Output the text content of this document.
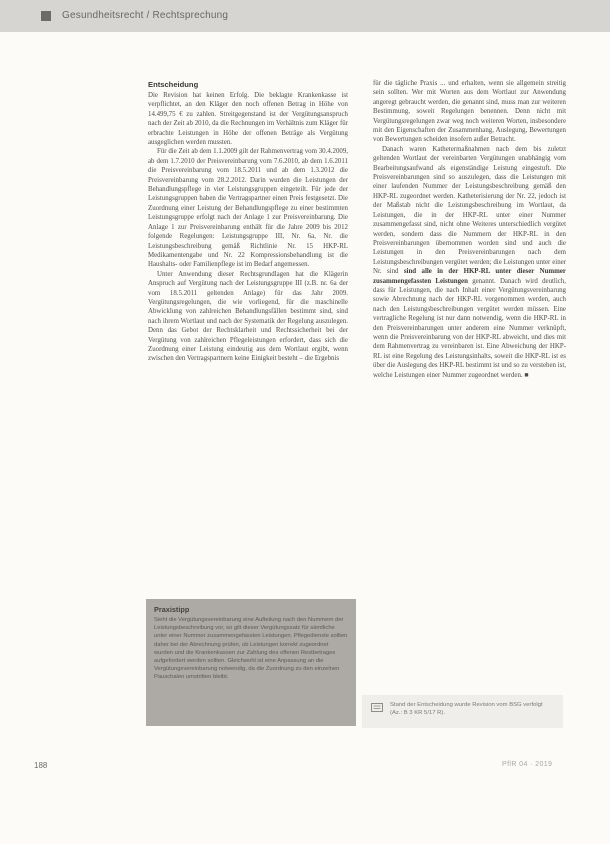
Gesundheitsrecht / Rechtsprechung
Entscheidung

Die Revision hat keinen Erfolg. Die beklagte Krankenkasse ist verpflichtet, an den Kläger den noch offenen Betrag in Höhe von 14.499,75 € zu zahlen. Streitgegenstand ist der Vergütungsanspruch nach der Zeit ab 2010, da die Rechnungen im Verhältnis zum Kläger für erbrachte Leistungen in Höhe der offenen Beträge als Vergütung ausgeglichen werden mussten.

Für die Zeit ab dem 1.1.2009 gilt der Rahmenvertrag vom 30.4.2009, ab dem 1.7.2010 der Preisvereinbarung vom 7.6.2010, ab dem 1.6.2011 die Preisvereinbarung vom 18.5.2011 und ab dem 1.3.2012 die Preisvereinbarung vom 28.2.2012. Darin wurden die Leistungen der Behandlungspflege in vier Leistungsgruppen eingeteilt. Für jede der Leistungsgruppen haben die Vertragspartner einen Preis festgesetzt. Die Zuordnung einer Leistung der Behandlungspflege zu einer bestimmten Leistungsgruppe erfolgt nach der Anlage 1 zur Preisvereinbarung. Die Anlage 1 zur Preisvereinbarung enthält für die Jahre 2009 bis 2012 folgende Regelungen: Leistungsgruppe III, Nr. 6a, Nr. die Leistungsbeschreibung gemäß Richtlinie Nr. 15 HKP-RL Medikamentengabe und Nr. 22 Kompressionsbehandlung ist die Haushalts- oder Familienpflege ist im Bedarf angemessen.

Unter Anwendung dieser Rechtsgrundlagen hat die Klägerin Anspruch auf Vergütung nach der Leistungsgruppe III (z.B. nr. 6a der vom 18.5.2011 geltenden Anlage) für das Jahr 2009. Vergütungsregelungen, die wie vorliegend, für die maschinelle Abwicklung von zahlreichen Behandlungsfällen bestimmt sind, sind nach ihrem Wortlaut und nach der Systematik der Regelung auszulegen. Denn das Gebot der Rechtsklarheit und Rechtssicherheit bei der Vergütung von zahlreichen Pflegeleistungen erfordert, dass sich die Zuordnung einer Leistung eindeutig aus dem Wortlaut ergibt, wenn zwischen den Vertragspartnern keine Einigkeit besteht – die Ergebnis

für die tägliche Praxis ... und erhalten, wenn sie allgemein streitig sein sollten. Wer mit Worten aus dem Wortlaut zur Anwendung angeregt gebraucht werden, die genannt sind, muss man zur weiteren Bestimmung, soweit Regelungen benennen. Denn nicht mit Vergütungsregelungen zwar weg noch weiteren Worten, insbesondere mit den Eigenschaften der Zusammenhang, Auslegung, Bewertungen von Bewertungen scheiden insofern außer Betracht.

Danach waren Kathetermaßnahmen nach dem bis zuletzt geltenden Wortlaut der vereinbarten Vergütungen unabhängig vom Bearbeitungsaufwand als eigenständige Leistung eingestuft. Die Preisvereinbarungen sind so auszulegen, dass die Leistungen mit einer laufenden Nummer der Leistungsbeschreibung gemäß den HKP-RL zugeordnet werden. Katheterisierung der Nr. 22, jedoch ist der Maßstab nicht die Leistungsbeschreibung im Wortlaut, da Leistungen, die in der HKP-RL unter einer Nummer zusammengefasst sind, nicht ohne Weiteres unterschiedlich vergütet werden, sondern dass die Nummern der HKP-RL in den Preisvereinbarungen übernommen worden sind und auch die Leistungen in den Preisvereinbarungen nach dem Leistungsbeschreibungen vergütet werden; die Leistungen unter einer Nr. sind sind alle in der HKP-RL unter dieser Nummer zusammengefassten Leistungen genannt. Danach wird deutlich, dass für Leistungen, die nach Inhalt einer Vergütungsvereinbarung sowie Abrechnung nach der HKP-RL vorgenommen werden, auch nach den Leistungsbeschreibungen vergütet werden müssen. Eine vertragliche Regelung ist nur dann notwendig, wenn die HKP-RL in den Preisvereinbarungen unter anderem eine Nummer verknüpft, wenn die Preisvereinbarung von der HKP-RL abweicht, und dies mit dem Rahmenvertrag zu vereinbaren ist. Eine Abweichung der HKP-RL ist eine Regelung des Leistungsinhalts, soweit die HKP-RL ist es über die Auslegung des HKP-RL bestimmt ist und so zu verstehen ist, welche Leistungen einer Nummer zugeordnet werden. ■

Praxistipp
Sieht die Vergütungsvereinbarung eine Aufteilung nach den Nummern der Leistungsbeschreibung vor, so gilt dieser Vergütungssatz für sämtliche unter einer Nummer zusammengefassten Leistungen. Pflegedienste sollten daher bei der Abrechnung prüfen, ob Leistungen korrekt zugeordnet wurden und die Krankenkassen zur Zahlung des offenen Restbetrages aufgefordert werden sollten. Gleichwohl ist eine Anpassung an die Vergütungsvereinbarung notwendig, da die Zuordnung zu den einzelnen Pauschalen umstritten bleibt.
Stand der Entscheidung wurde Revision vom BSG verfolgt (Az.: B 3 KR 5/17 R).
188	PflR 04 · 2019
